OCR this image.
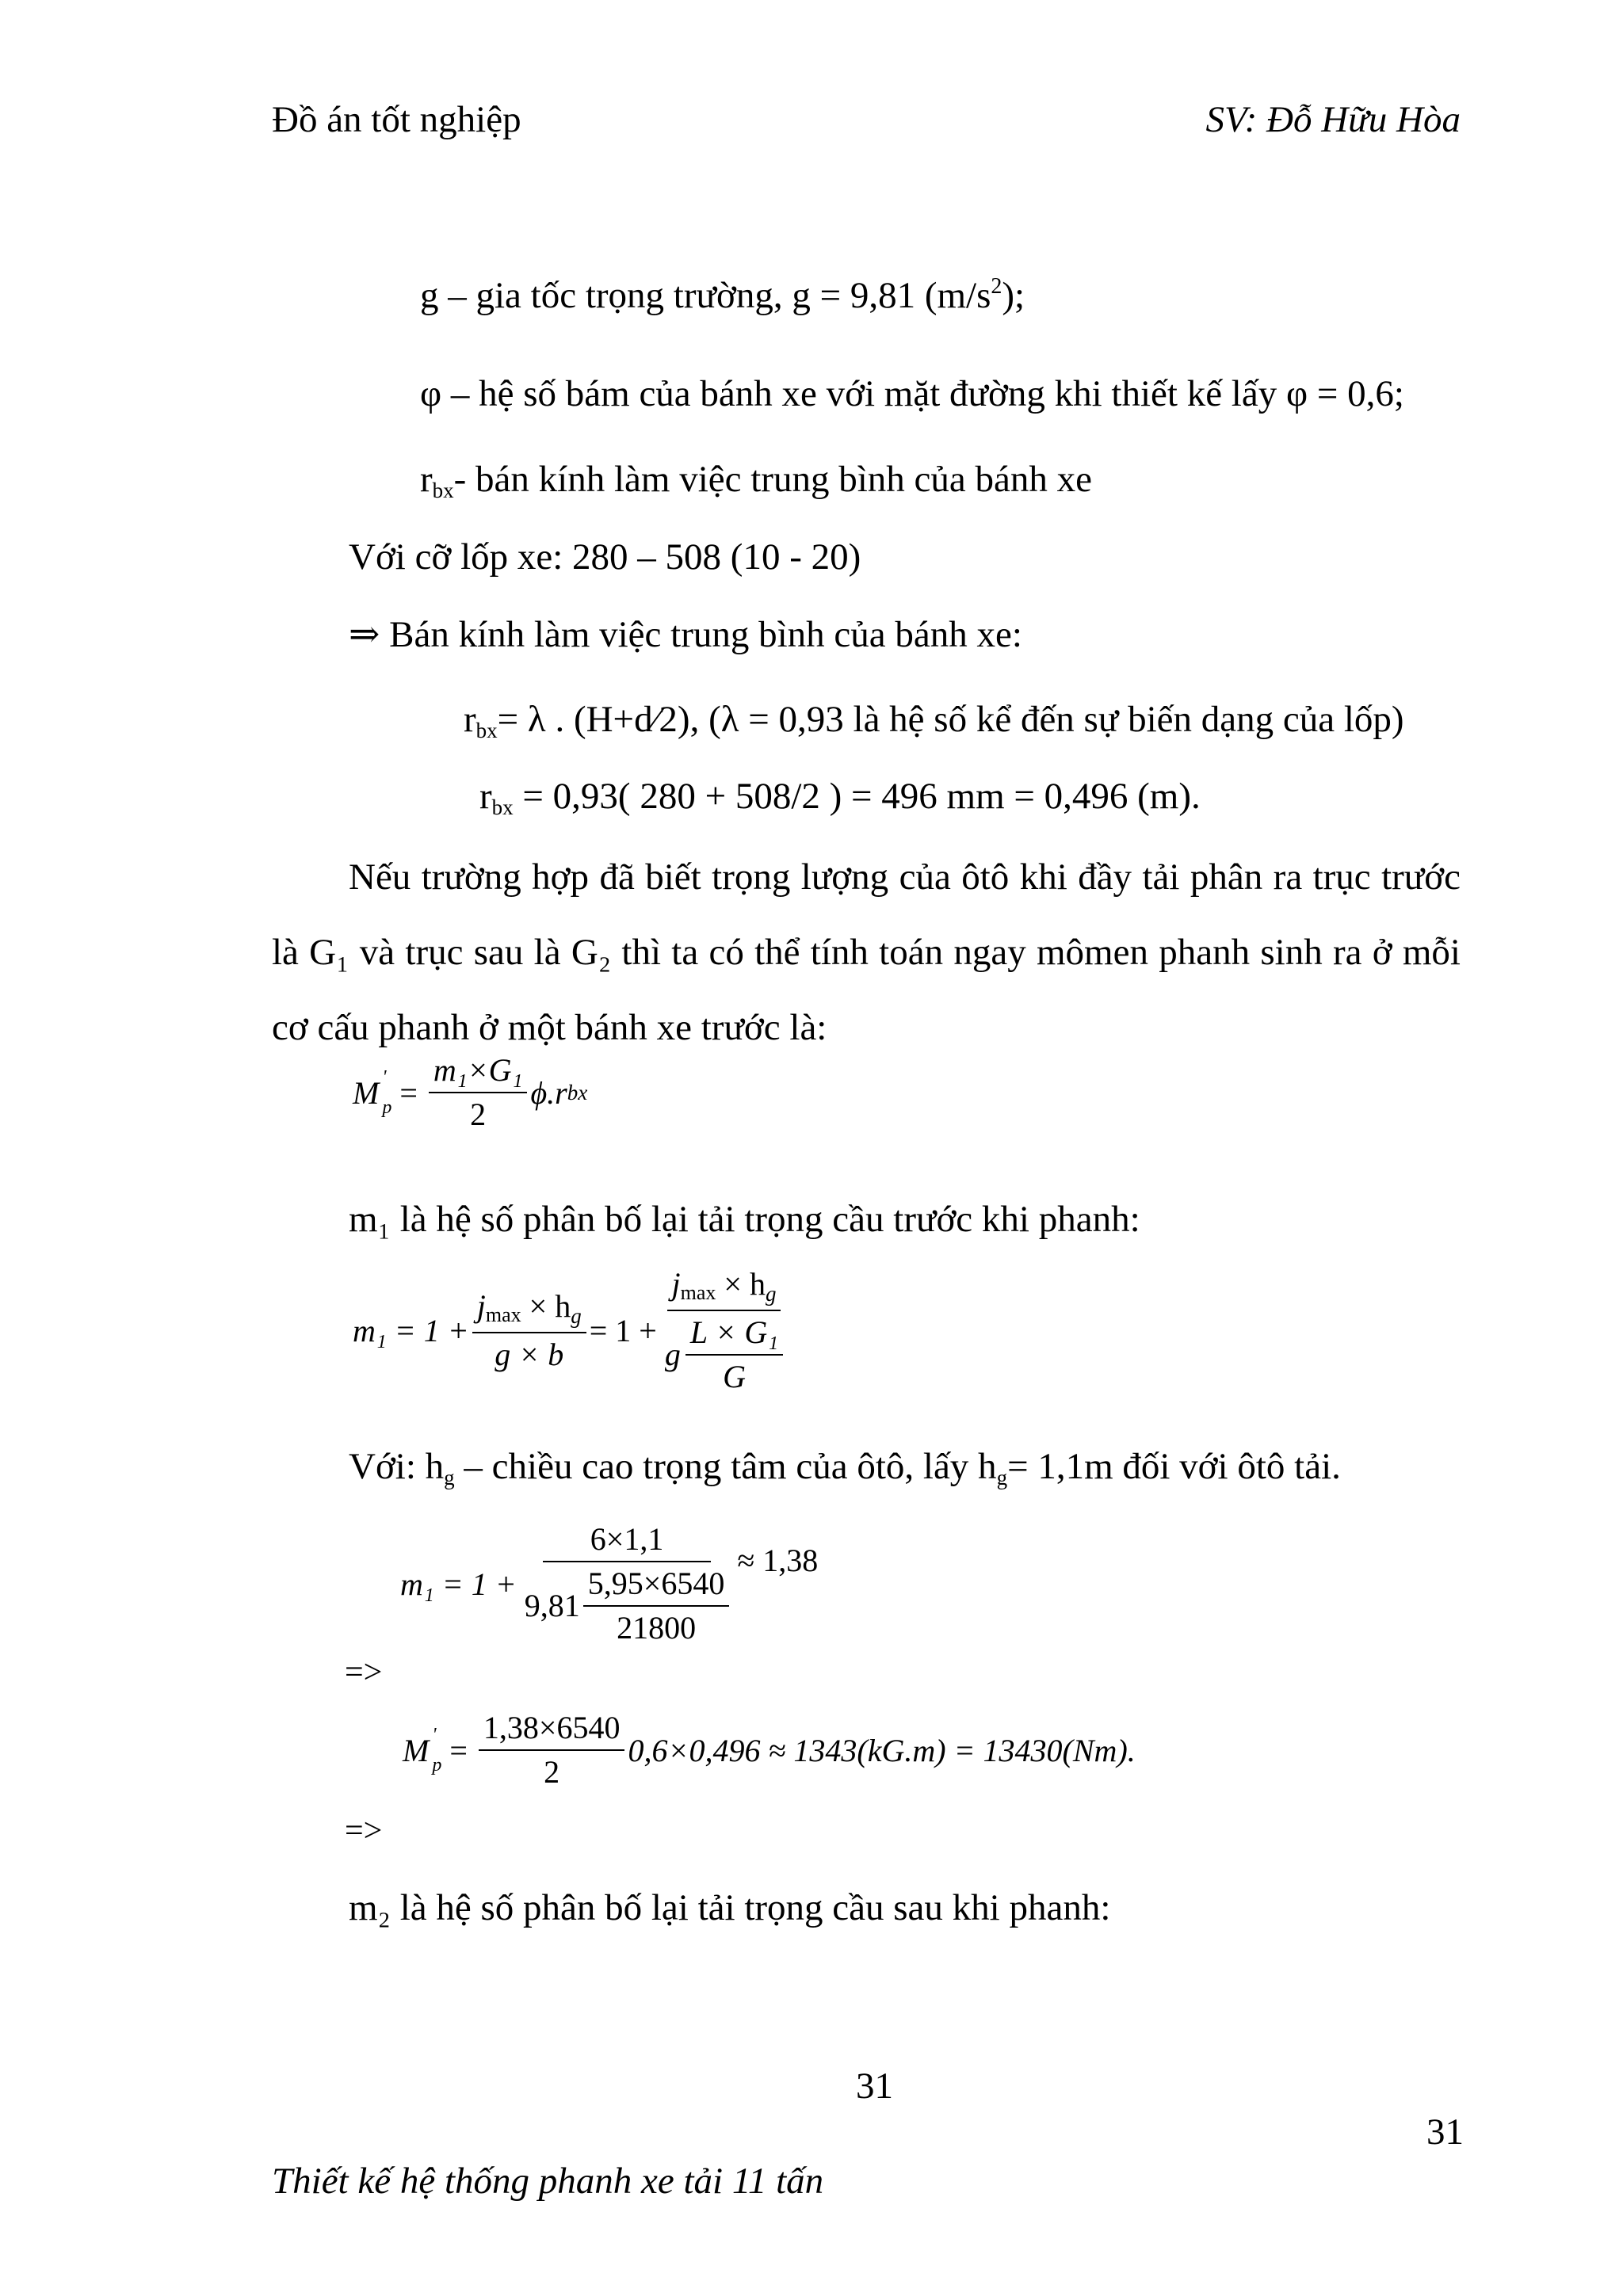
Đồ án tốt nghiệp	SV: Đỗ Hữu Hòa
g – gia tốc trọng trường, g = 9,81 $(m/s^2)$;
φ – hệ số bám của bánh xe với mặt đường khi thiết kế lấy φ = 0,6;
$r_{bx}-$ bán kính làm việc trung bình của bánh xe
Với cỡ lốp xe: 280 – 508 (10 - 20)
⇒ Bán kính làm việc trung bình của bánh xe:
$r_{bx}= \lambda$ . (H+d⁄2), (λ = 0,93 là hệ số kể đến sự biến dạng của lốp)
$r_{bx} = 0,93$( 280 + 508/2 ) = 496 mm = 0,496 (m).
Nếu trường hợp đã biết trọng lượng của ôtô khi đầy tải phân ra trục trước là G₁ và trục sau là G₂ thì ta có thể tính toán ngay mômen phanh sinh ra ở mỗi cơ cấu phanh ở một bánh xe trước là:
M '
$p = \frac{\text{m₁×G₁}}{2} \phi.r$ bx
m₁ là hệ số phân bố lại tải trọng cầu trước khi phanh:
$m_1 = 1 + \frac{j_{max} \times h_g}{g \times b} = 1 + \frac{j_{max} \times h_g}{g \frac{\text{L × G₁}}{G}}$
Với: $h_g$ – chiều cao trọng tâm của ôtô, lấy $h_g= 1,1m$ đối với ôtô tải.
$m_1 = 1 + \frac{6\times 1,1}{9,81 \frac{5,95\times 6540}{21800}} \approx 1,38$
=>
M '
$p = \frac{1,38\times 6540}{2} 0,6\times 0,496 \approx 1343(kG.m) = 13430(Nm)$.
=>
m₂ là hệ số phân bố lại tải trọng cầu sau khi phanh:
31
31
Thiết kế hệ thống phanh xe tải 11 tấn
